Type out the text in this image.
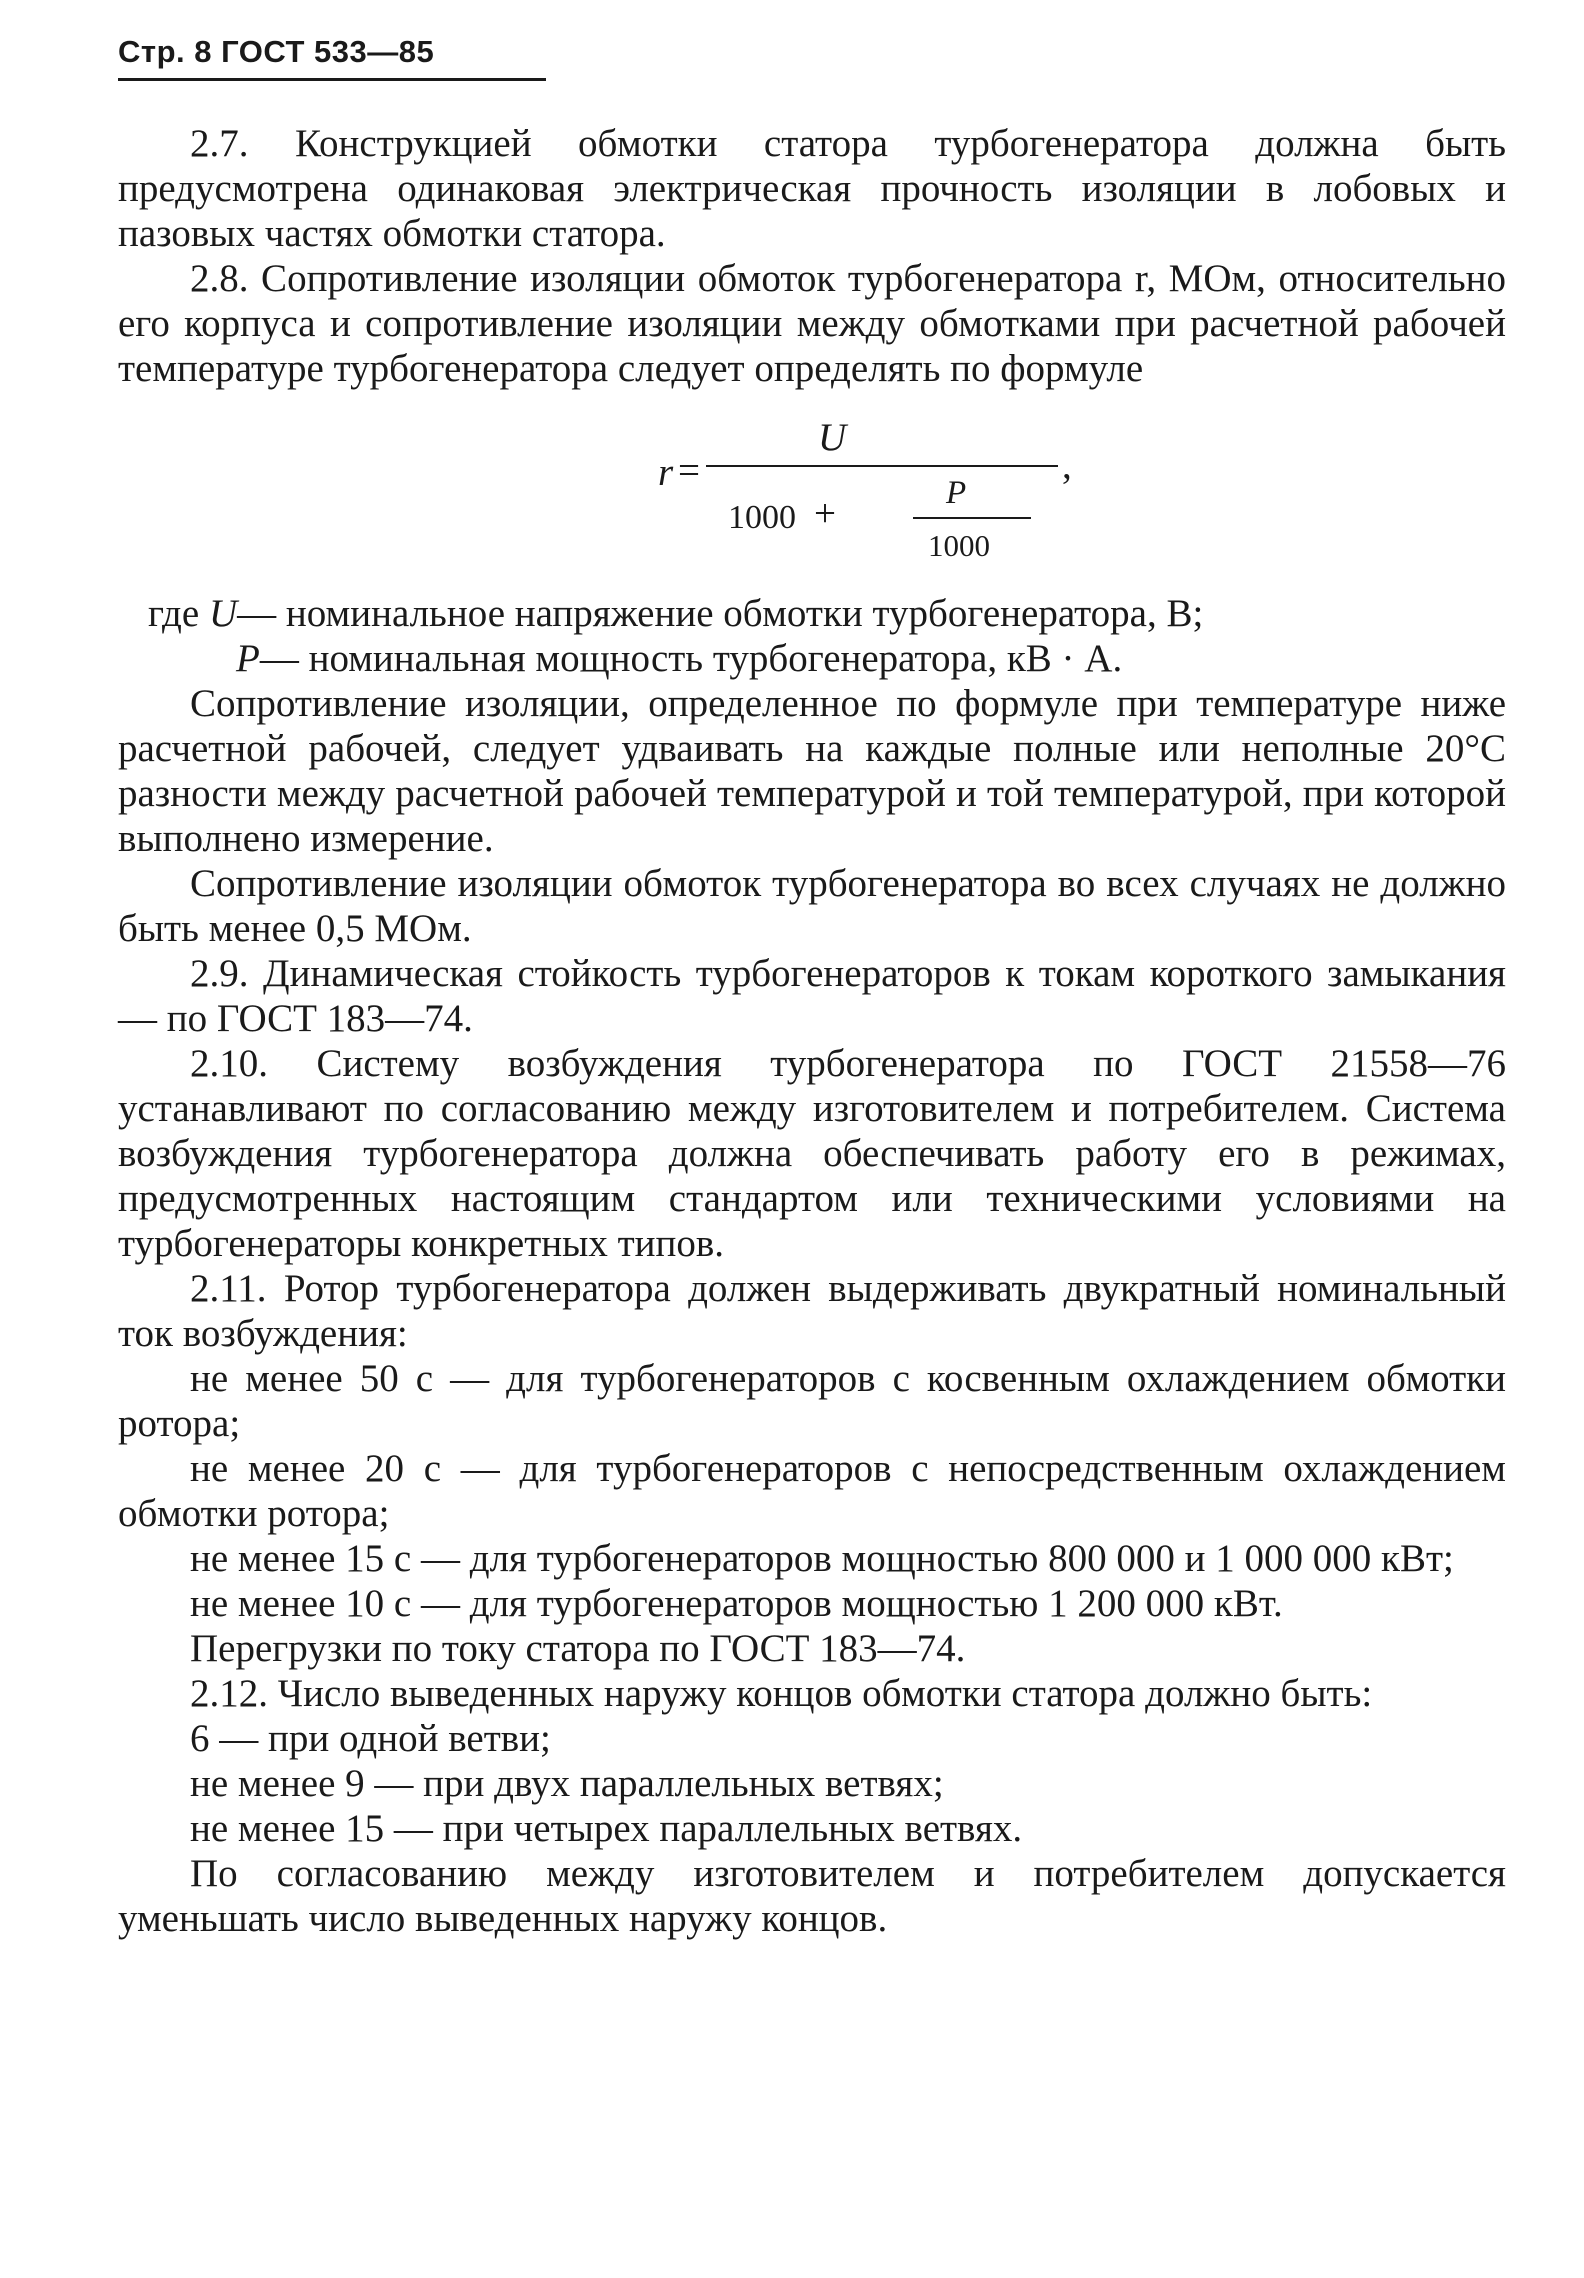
Стр. 8 ГОСТ 533—85

2.7. Конструкцией обмотки статора турбогенератора должна быть предусмотрена одинаковая электрическая прочность изоляции в лобовых и пазовых частях обмотки статора.

2.8. Сопротивление изоляции обмоток турбогенератора r, МОм, относительно его корпуса и сопротивление изоляции между обмотками при расчетной рабочей температуре турбогенератора следует определять по формуле

r =
U
,
1000 +	P
1000
где U— номинальное напряжение обмотки турбогенератора, В;
P— номинальная мощность турбогенератора, кВ · А.

Сопротивление изоляции, определенное по формуле при температуре ниже расчетной рабочей, следует удваивать на каждые полные или неполные 20°С разности между расчетной рабочей температурой и той температурой, при которой выполнено измерение.

Сопротивление изоляции обмоток турбогенератора во всех случаях не должно быть менее 0,5 МОм.

2.9. Динамическая стойкость турбогенераторов к токам короткого замыкания — по ГОСТ 183—74.

2.10. Систему возбуждения турбогенератора по ГОСТ 21558—76 устанавливают по согласованию между изготовителем и потребителем. Система возбуждения турбогенератора должна обеспечивать работу его в режимах, предусмотренных настоящим стандартом или техническими условиями на турбогенераторы конкретных типов.

2.11. Ротор турбогенератора должен выдерживать двукратный номинальный ток возбуждения:

не менее 50 с — для турбогенераторов с косвенным охлаждением обмотки ротора;

не менее 20 с — для турбогенераторов с непосредственным охлаждением обмотки ротора;

не менее 15 с — для турбогенераторов мощностью 800 000 и 1 000 000 кВт;

не менее 10 с — для турбогенераторов мощностью 1 200 000 кВт.

Перегрузки по току статора по ГОСТ 183—74.

2.12. Число выведенных наружу концов обмотки статора должно быть:

6 — при одной ветви;

не менее 9 — при двух параллельных ветвях;

не менее 15 — при четырех параллельных ветвях.

По согласованию между изготовителем и потребителем допускается уменьшать число выведенных наружу концов.
